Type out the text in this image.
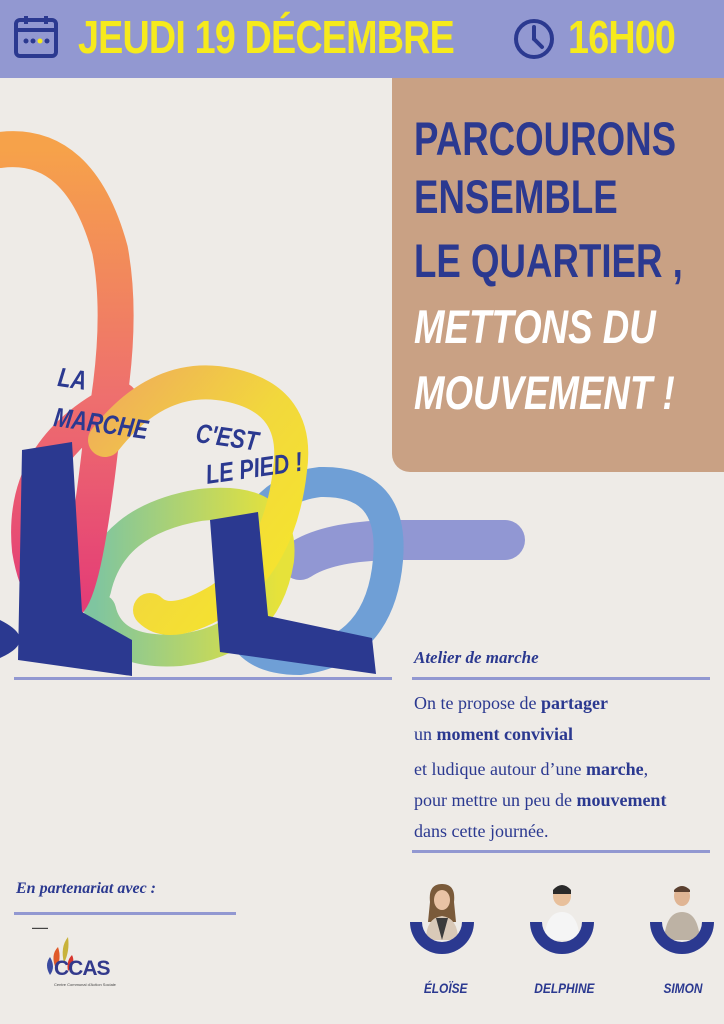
JEUDI 19 DÉCEMBRE 16H00
PARCOURONS
ENSEMBLE
LE QUARTIER ,
METTONS DU
MOUVEMENT !
LA
MARCHE C'EST
LE PIED !
Atelier de marche
On te propose de partager
un moment convivial
et ludique autour d’une marche,
pour mettre un peu de mouvement
dans cette journée.
En partenariat avec :
▬▬▬▬
CCAS
Centre Communal d'Action Sociale	ÉLOÏSE	DELPHINE	SIMON
